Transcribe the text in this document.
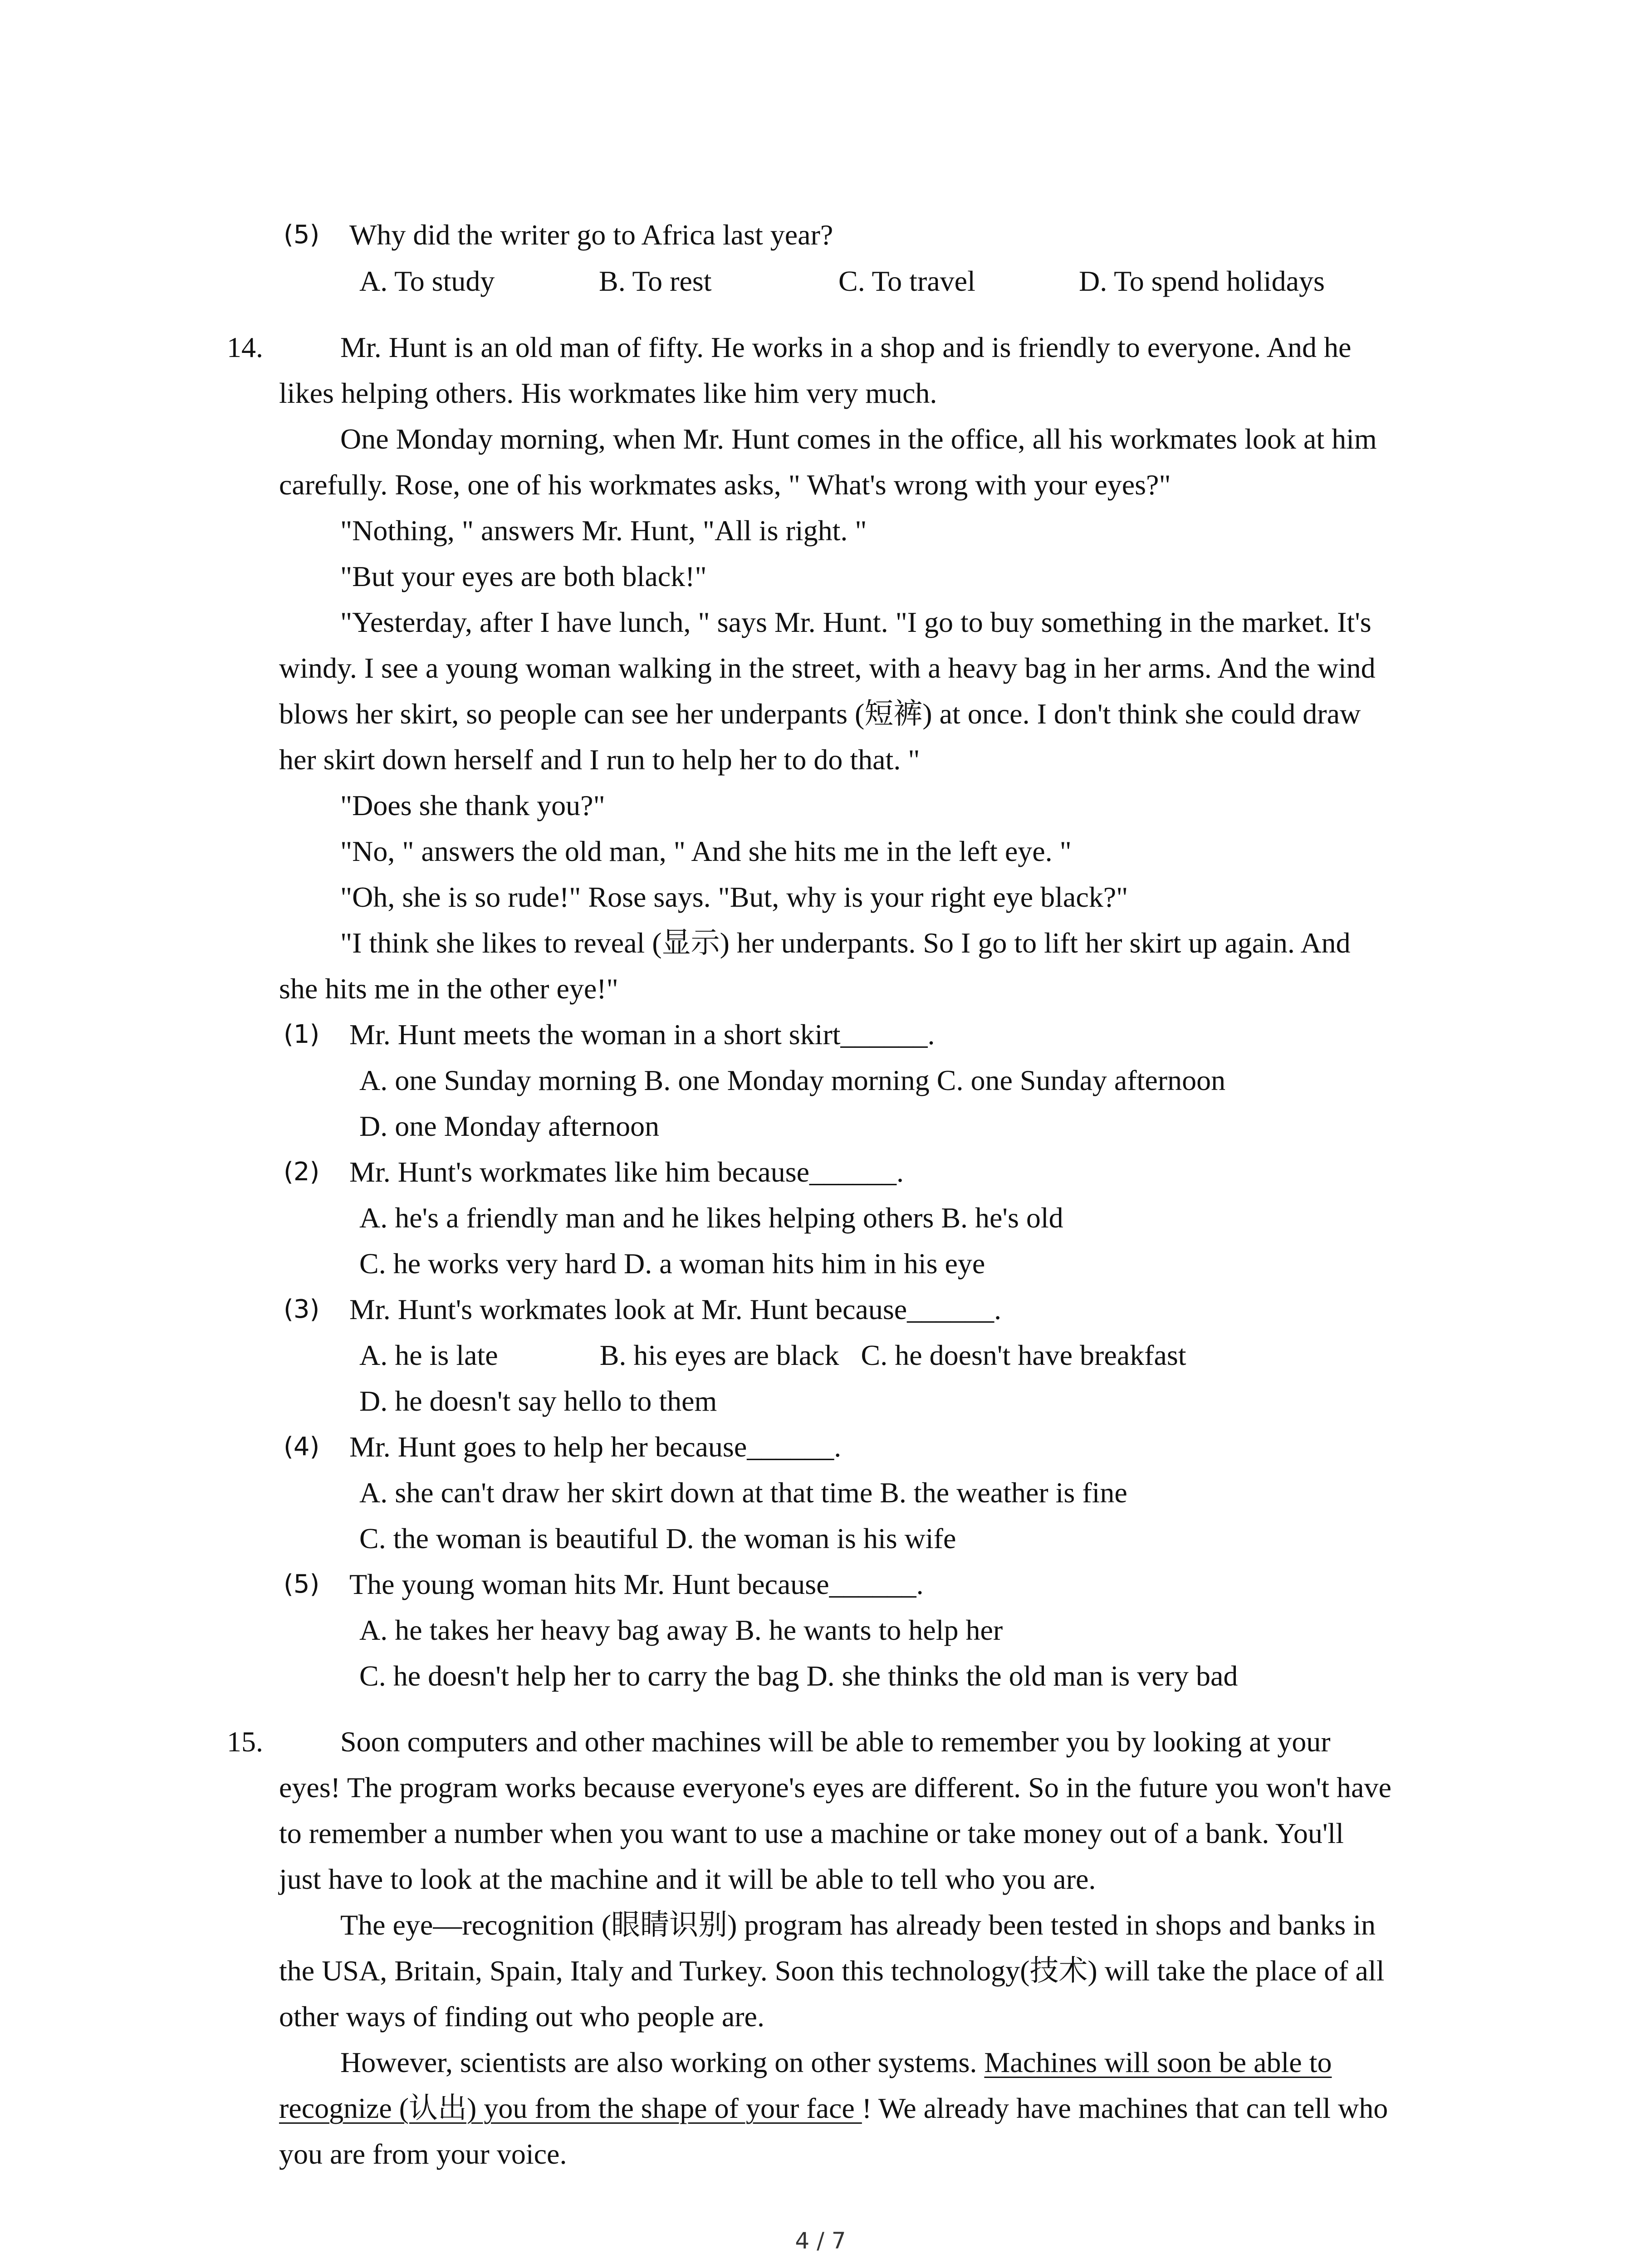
(5) Why did the writer go to Africa last year?
A. To study	B. To rest	C. To travel	D. To spend holidays
14.	Mr. Hunt is an old man of fifty. He works in a shop and is friendly to everyone. And he
likes helping others. His workmates like him very much.
One Monday morning, when Mr. Hunt comes in the office, all his workmates look at him
carefully. Rose, one of his workmates asks, " What's wrong with your eyes?"
"Nothing, " answers Mr. Hunt, "All is right. "
"But your eyes are both black!"
"Yesterday, after I have lunch, " says Mr. Hunt. "I go to buy something in the market. It's
windy. I see a young woman walking in the street, with a heavy bag in her arms. And the wind
blows her skirt, so people can see her underpants (短裤) at once. I don't think she could draw
her skirt down herself and I run to help her to do that. "
"Does she thank you?"
"No, " answers the old man, " And she hits me in the left eye. "
"Oh, she is so rude!" Rose says. "But, why is your right eye black?"
"I think she likes to reveal (显示) her underpants. So I go to lift her skirt up again. And
she hits me in the other eye!"
(1) Mr. Hunt meets the woman in a short skirt______.
A. one Sunday morning B. one Monday morning C. one Sunday afternoon
D. one Monday afternoon
(2) Mr. Hunt's workmates like him because______.
A. he's a friendly man and he likes helping others B. he's old
C. he works very hard D. a woman hits him in his eye
(3) Mr. Hunt's workmates look at Mr. Hunt because______.
A. he is late              B. his eyes are black   C. he doesn't have breakfast
D. he doesn't say hello to them
(4) Mr. Hunt goes to help her because______.
A. she can't draw her skirt down at that time B. the weather is fine
C. the woman is beautiful D. the woman is his wife
(5) The young woman hits Mr. Hunt because______.
A. he takes her heavy bag away B. he wants to help her
C. he doesn't help her to carry the bag D. she thinks the old man is very bad
15.	Soon computers and other machines will be able to remember you by looking at your
eyes! The program works because everyone's eyes are different. So in the future you won't have
to remember a number when you want to use a machine or take money out of a bank. You'll
just have to look at the machine and it will be able to tell who you are.
The eye—recognition (眼睛识别) program has already been tested in shops and banks in
the USA, Britain, Spain, Italy and Turkey. Soon this technology(技术) will take the place of all
other ways of finding out who people are.
However, scientists are also working on other systems. Machines will soon be able to
recognize (认出) you from the shape of your face ! We already have machines that can tell who
you are from your voice.
4 / 7
